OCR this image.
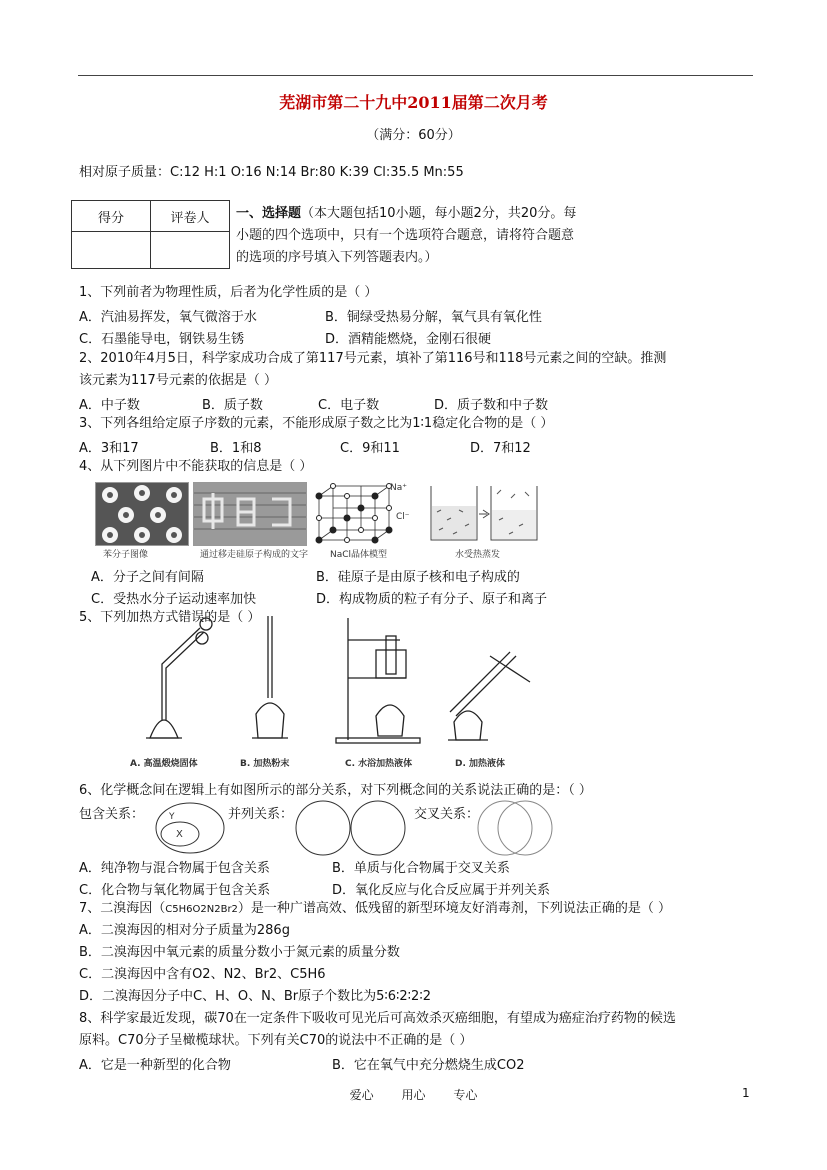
芜湖市第二十九中2011届第二次月考
（满分：60分）
相对原子质量：C:12 H:1 O:16 N:14 Br:80 K:39 Cl:35.5 Mn:55
得分	评卷人
	一、选择题（本大题包括10小题，每小题2分，共20分。每小题的四个选项中，只有一个选项符合题意，请将符合题意的选项的序号填入下列答题表内。）
1、下列前者为物理性质，后者为化学性质的是（ ）
A．汽油易挥发，氧气微溶于水	B．铜绿受热易分解，氧气具有氧化性
C．石墨能导电，钢铁易生锈	D．酒精能燃烧，金刚石很硬
2、2010年4月5日，科学家成功合成了第117号元素，填补了第116号和118号元素之间的空缺。推测
该元素为117号元素的依据是（ ）
A．中子数	B．质子数	C．电子数	D．质子数和中子数
3、下列各组给定原子序数的元素，不能形成原子数之比为1∶1稳定化合物的是（ ）
A．3和17	B．1和8	C．9和11	D．7和12
4、从下列图片中不能获取的信息是（ ）
苯分子图像	通过移走硅原子构成的文字
Na⁺
Cl⁻
NaCl晶体模型	水受热蒸发
A．分子之间有间隔	B．硅原子是由原子核和电子构成的
C．受热水分子运动速率加快	D．构成物质的粒子有分子、原子和离子
5、下列加热方式错误的是（ ）
A. 高温煅烧固体	B. 加热粉末	C. 水浴加热液体	D. 加热液体
6、化学概念间在逻辑上有如图所示的部分关系，对下列概念间的关系说法正确的是：（ ）
包含关系：	并列关系：	交叉关系：
Y
X
A．纯净物与混合物属于包含关系	B．单质与化合物属于交叉关系
C．化合物与氧化物属于包含关系	D．氧化反应与化合反应属于并列关系
7、二溴海因（C5H6O2N2Br2）是一种广谱高效、低残留的新型环境友好消毒剂，下列说法正确的是（ ）
A．二溴海因的相对分子质量为286g
B．二溴海因中氧元素的质量分数小于氮元素的质量分数
C．二溴海因中含有O2、N2、Br2、C5H6
D．二溴海因分子中C、H、O、N、Br原子个数比为5∶6∶2∶2∶2
8、科学家最近发现，碳70在一定条件下吸收可见光后可高效杀灭癌细胞，有望成为癌症治疗药物的候选
原料。C70分子呈橄榄球状。下列有关C70的说法中不正确的是（ ）
A．它是一种新型的化合物	B．它在氧气中充分燃烧生成CO2
爱心 用心 专心	1
